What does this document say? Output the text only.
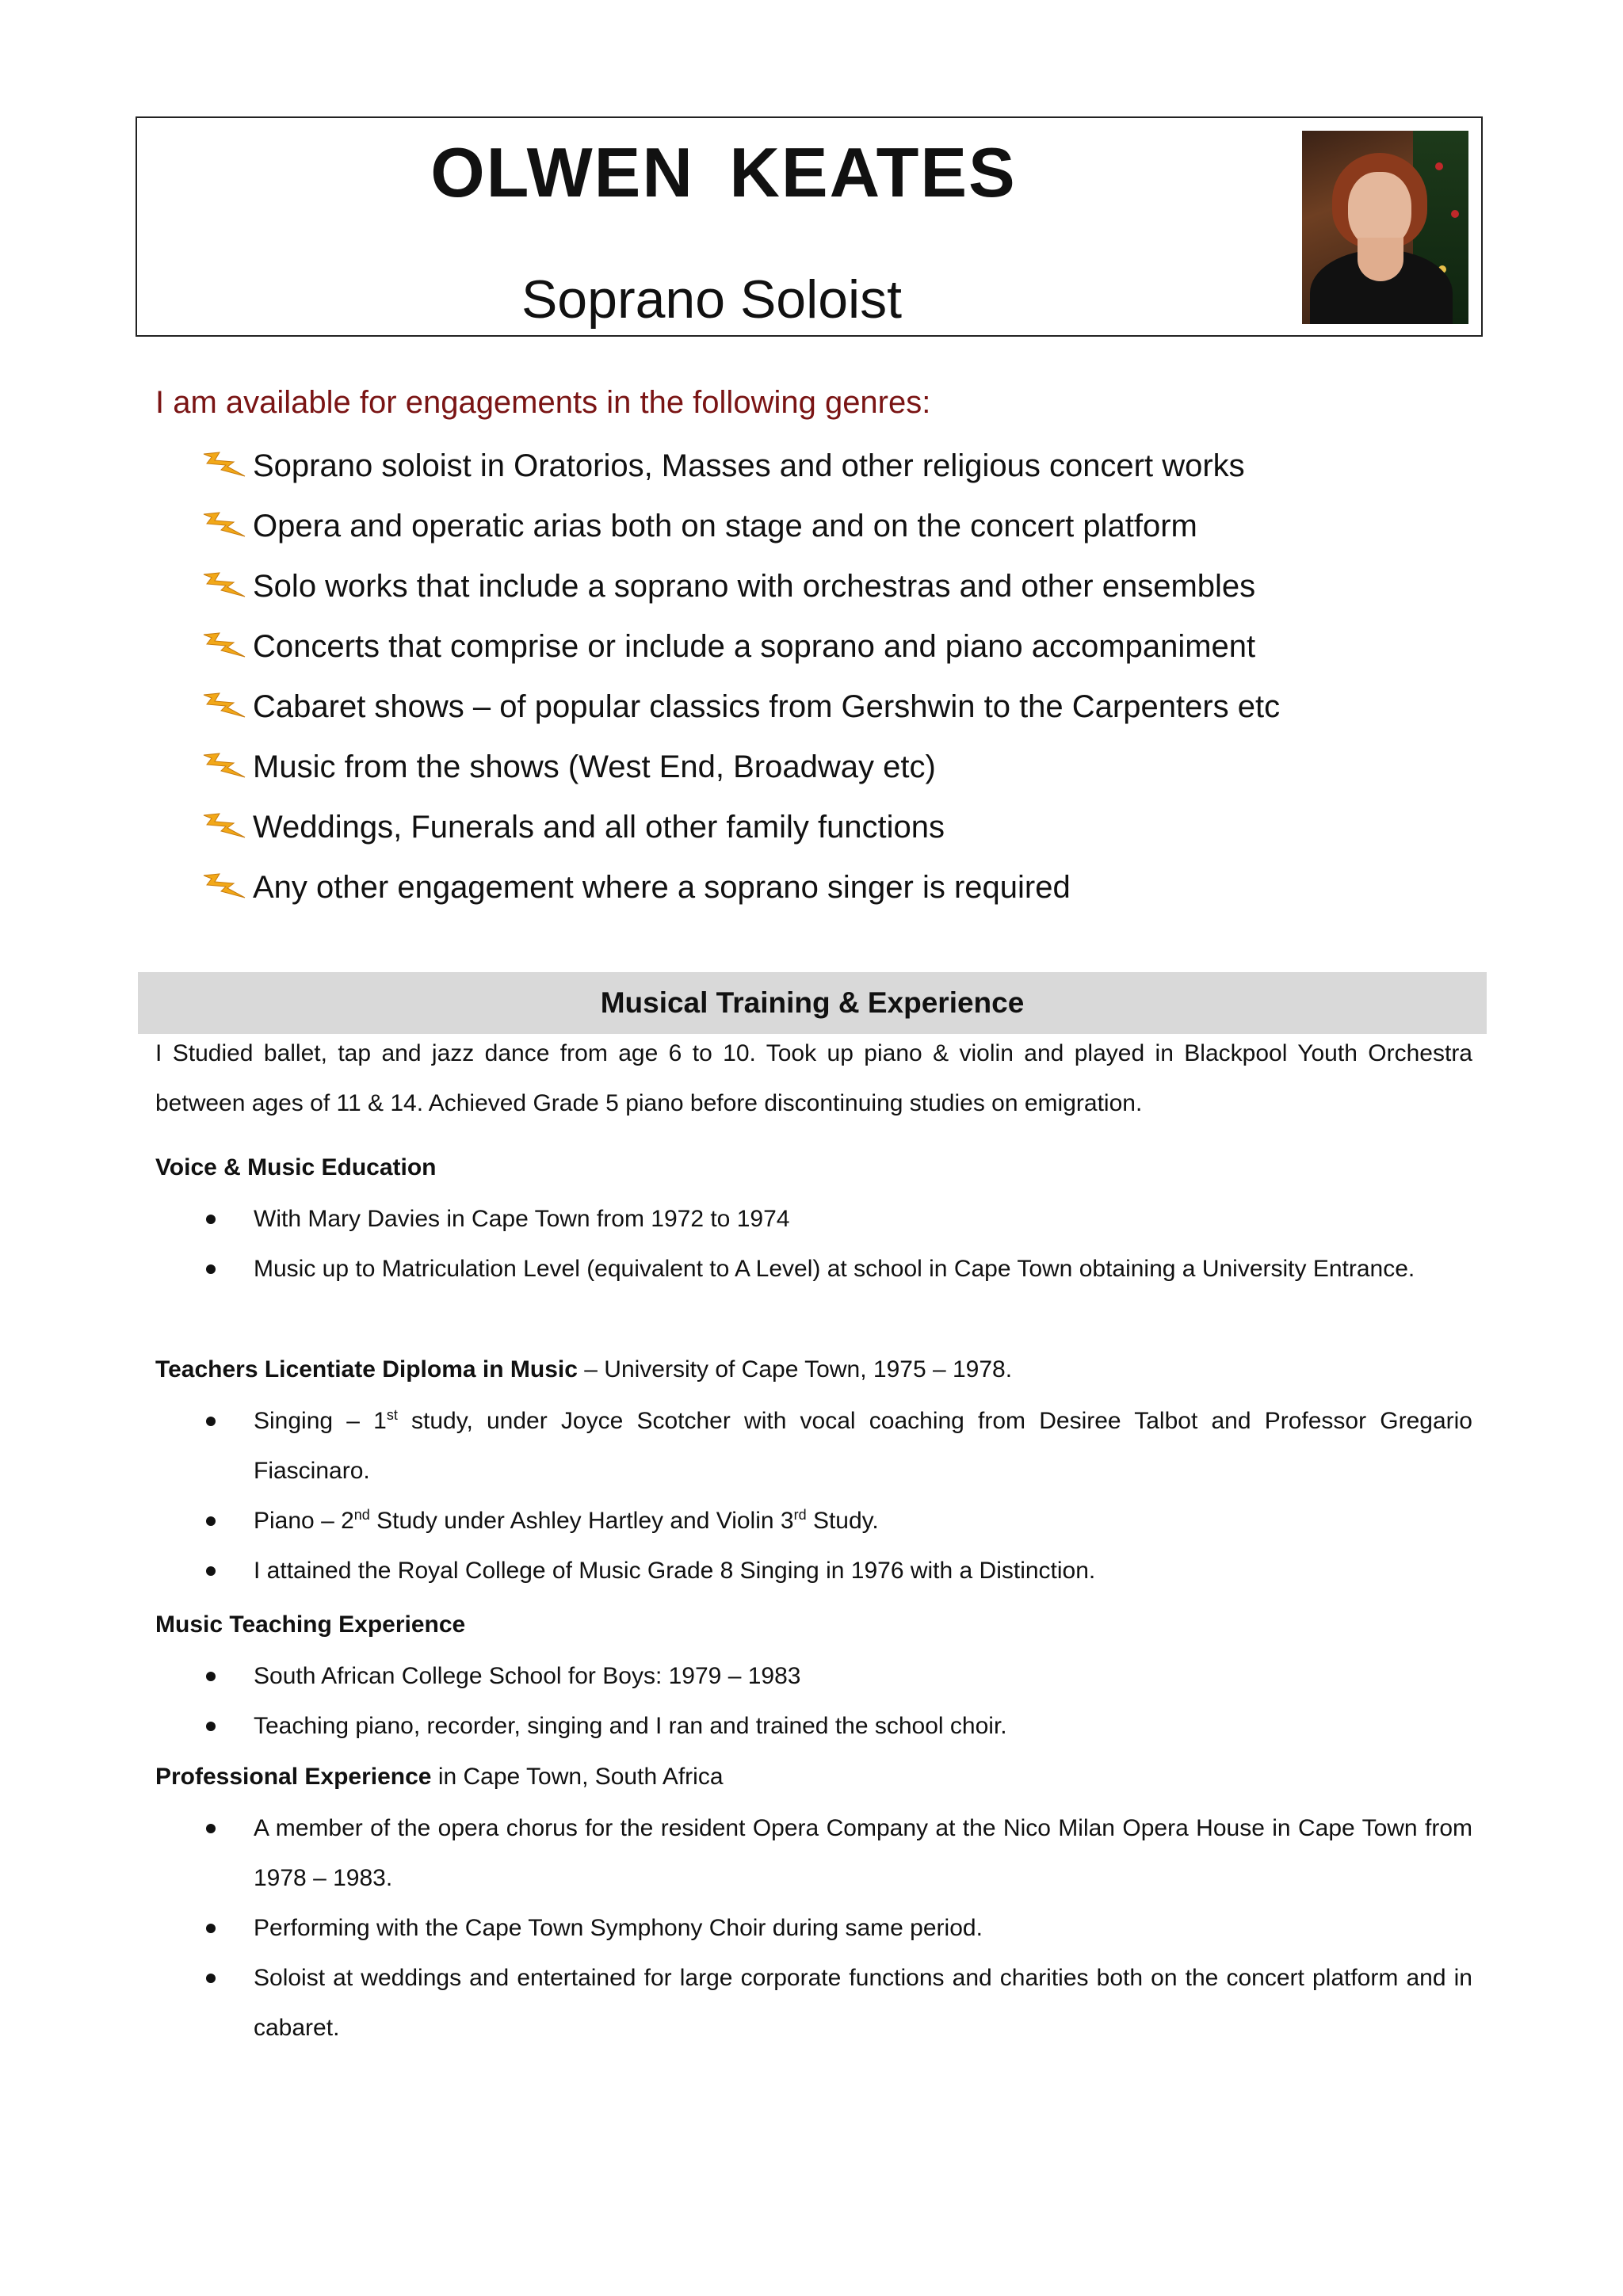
OLWEN KEATES
Soprano Soloist
I am available for engagements in the following genres:
Soprano soloist in Oratorios, Masses and other religious concert works
Opera and operatic arias both on stage and on the concert platform
Solo works that include a soprano with orchestras and other ensembles
Concerts that comprise or include a soprano and piano accompaniment
Cabaret shows – of popular classics from Gershwin to the Carpenters etc
Music from the shows (West End, Broadway etc)
Weddings, Funerals and all other family functions
Any other engagement where a soprano singer is required
Musical Training & Experience
I Studied ballet, tap and jazz dance from age 6 to 10. Took up piano & violin and played in Blackpool Youth Orchestra between ages of 11 & 14. Achieved Grade 5 piano before discontinuing studies on emigration.
Voice & Music Education
With Mary Davies in Cape Town from 1972 to 1974
Music up to Matriculation Level (equivalent to A Level) at school in Cape Town obtaining a University Entrance.
Teachers Licentiate Diploma in Music – University of Cape Town, 1975 – 1978.
Singing – 1st study, under Joyce Scotcher with vocal coaching from Desiree Talbot and Professor Gregario Fiascinaro.
Piano – 2nd Study under Ashley Hartley and Violin 3rd Study.
I attained the Royal College of Music Grade 8 Singing in 1976 with a Distinction.
Music Teaching Experience
South African College School for Boys: 1979 – 1983
Teaching piano, recorder, singing and I ran and trained the school choir.
Professional Experience in Cape Town, South Africa
A member of the opera chorus for the resident Opera Company at the Nico Milan Opera House in Cape Town from 1978 – 1983.
Performing with the Cape Town Symphony Choir during same period.
Soloist at weddings and entertained for large corporate functions and charities both on the concert platform and in cabaret.
